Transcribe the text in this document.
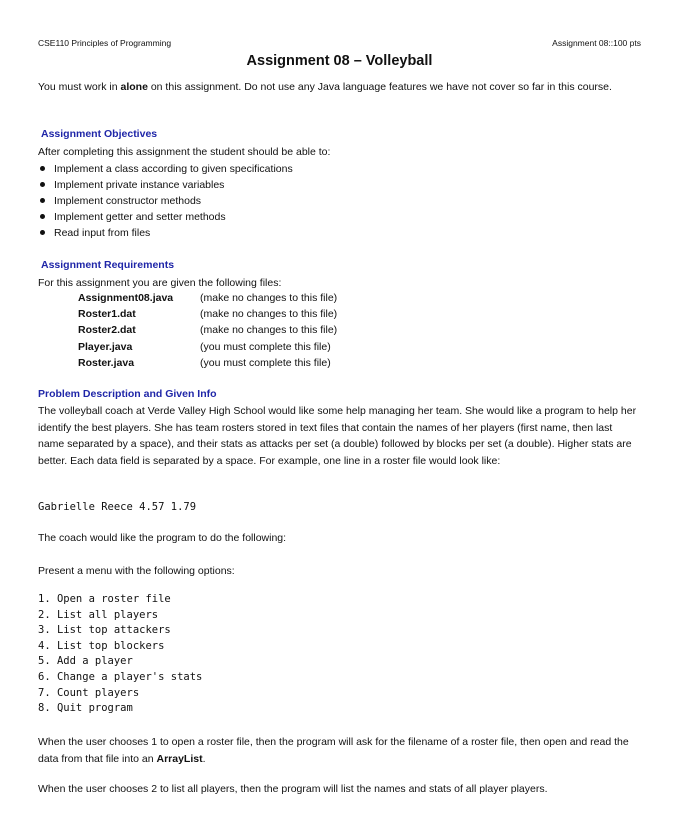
CSE110 Principles of Programming	Assignment 08::100 pts
Assignment 08 – Volleyball
You must work in alone on this assignment. Do not use any Java language features we have not cover so far in this course.
Assignment Objectives
After completing this assignment the student should be able to:
Implement a class according to given specifications
Implement private instance variables
Implement constructor methods
Implement getter and setter methods
Read input from files
Assignment Requirements
For this assignment you are given the following files:
Assignment08.java	(make no changes to this file)
Roster1.dat	(make no changes to this file)
Roster2.dat	(make no changes to this file)
Player.java	(you must complete this file)
Roster.java	(you must complete this file)
Problem Description and Given Info
The volleyball coach at Verde Valley High School would like some help managing her team. She would like a program to help her identify the best players. She has team rosters stored in text files that contain the names of her players (first name, then last name separated by a space), and their stats as attacks per set (a double) followed by blocks per set (a double). Higher stats are better. Each data field is separated by a space. For example, one line in a roster file would look like:
Gabrielle Reece 4.57 1.79
The coach would like the program to do the following:
Present a menu with the following options:
1. Open a roster file
2. List all players
3. List top attackers
4. List top blockers
5. Add a player
6. Change a player's stats
7. Count players
8. Quit program
When the user chooses 1 to open a roster file, then the program will ask for the filename of a roster file, then open and read the data from that file into an ArrayList.
When the user chooses 2 to list all players, then the program will list the names and stats of all player players.
